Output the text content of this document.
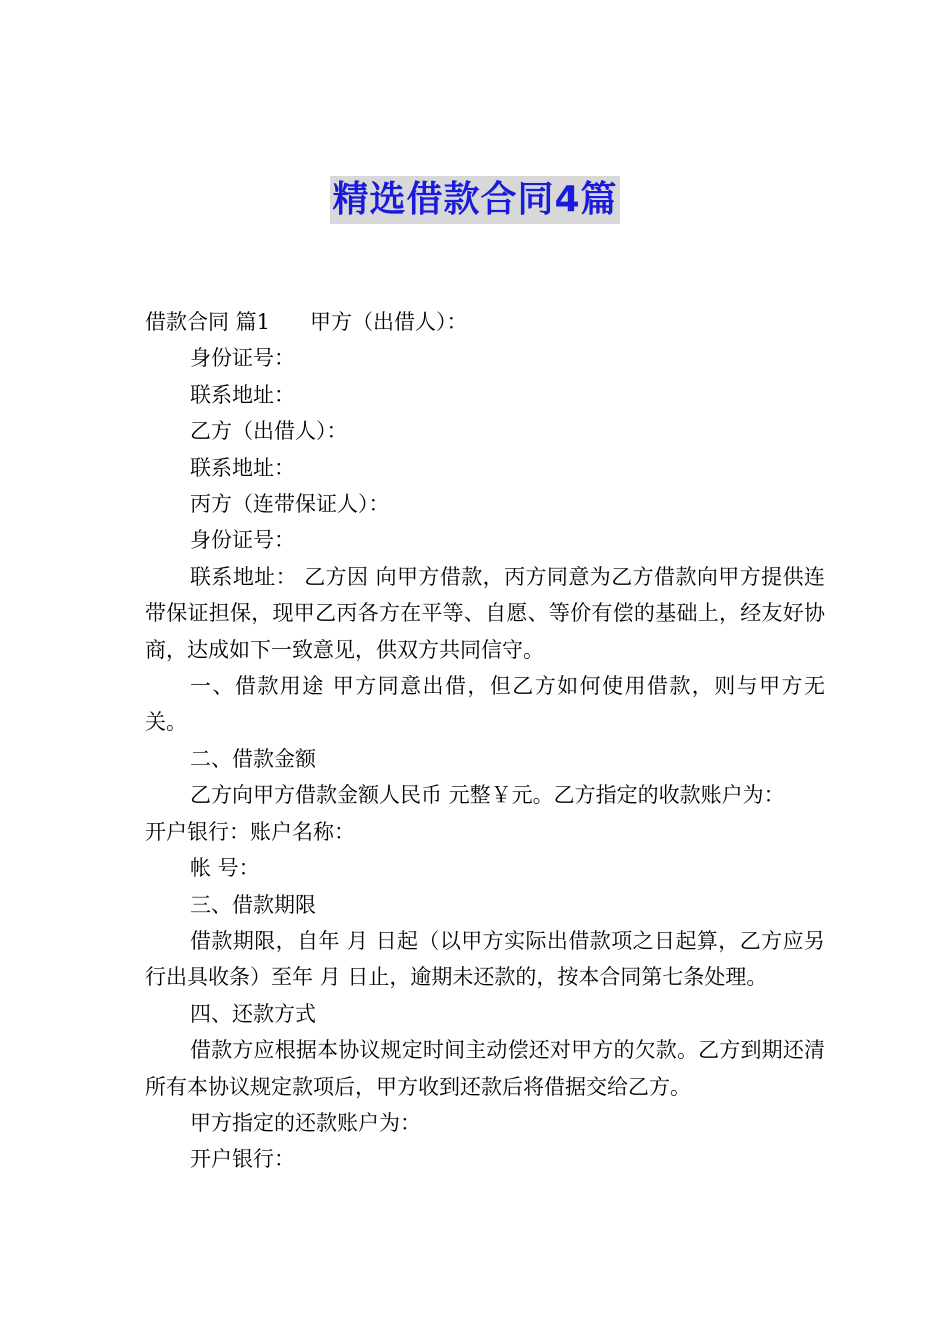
精选借款合同4篇

借款合同 篇1 甲方（出借人）：

身份证号：

联系地址：

乙方（出借人）：

联系地址：

丙方（连带保证人）：

身份证号：

联系地址： 乙方因 向甲方借款，丙方同意为乙方借款向甲方提供连带保证担保，现甲乙丙各方在平等、自愿、等价有偿的基础上，经友好协商，达成如下一致意见，供双方共同信守。

一、借款用途 甲方同意出借，但乙方如何使用借款，则与甲方无关。

二、借款金额

乙方向甲方借款金额人民币 元整￥元。乙方指定的收款账户为：

开户银行：账户名称：

帐 号：

三、借款期限

借款期限，自年 月 日起（以甲方实际出借款项之日起算，乙方应另行出具收条）至年 月 日止，逾期未还款的，按本合同第七条处理。

四、还款方式

借款方应根据本协议规定时间主动偿还对甲方的欠款。乙方到期还清所有本协议规定款项后，甲方收到还款后将借据交给乙方。

甲方指定的还款账户为：

开户银行：
